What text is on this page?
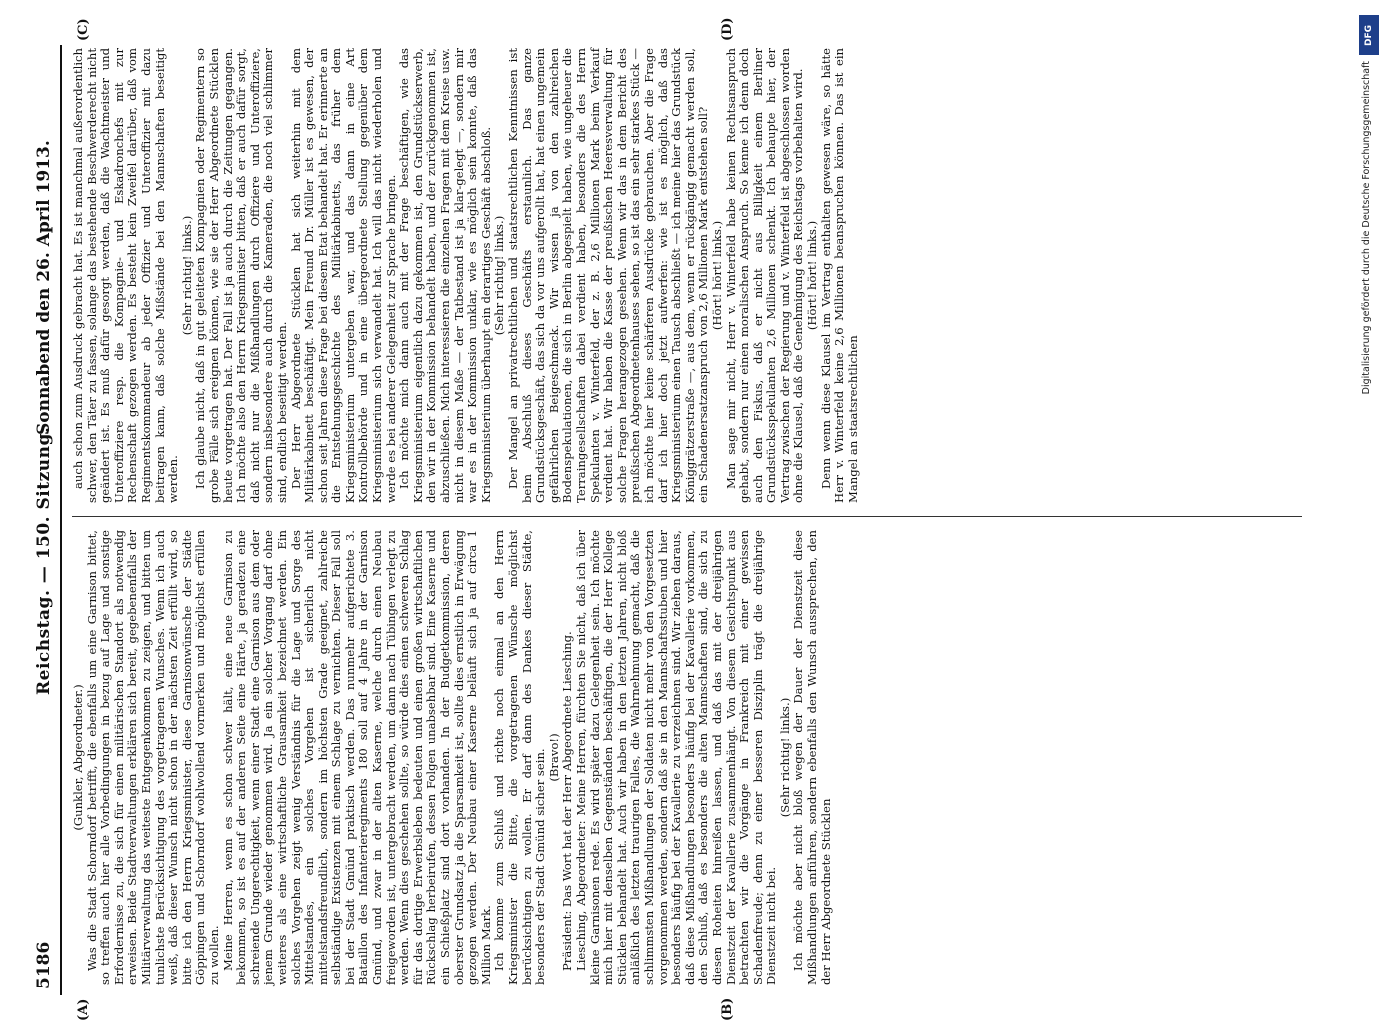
5186
Reichstag. — 150. Sitzung.
Sonnabend den 26. April 1913.

(Gunkler, Abgeordneter.) Was die Stadt Schorndorf betrifft, die ebenfalls um eine Garnison bittet, so treffen auch hier alle Vorbedingungen in bezug auf Lage und sonstige Erfordernisse zu, die sich für einen militärischen Standort als notwendig erweisen. Beide Stadtverwaltungen erklären sich bereit, gegebenenfalls der Militärverwaltung das weiteste Entgegenkommen zu zeigen, und bitten um tunlichste Berücksichtigung des vorgetragenen Wunsches. Wenn ich auch weiß, daß dieser Wunsch nicht schon in der nächsten Zeit erfüllt wird, so bitte ich den Herrn Kriegsminister, diese Garnisonwünsche der Städte Göppingen und Schorndorf wohlwollend vormerken und möglichst erfüllen zu wollen. Meine Herren, wenn es schon schwer hält, eine neue Garnison zu bekommen, so ist es auf der anderen Seite eine Härte, ja geradezu eine schreiende Ungerechtigkeit, wenn einer Stadt eine Garnison aus dem oder jenem Grunde wieder genommen wird. Ja ein solcher Vorgang darf ohne weiteres als eine wirtschaftliche Grausamkeit bezeichnet werden. Ein solches Vorgehen zeigt wenig Verständnis für die Lage und Sorge des Mittelstandes, ein solches Vorgehen ist sicherlich nicht mittelstandsfreundlich, sondern im höchsten Grade geeignet, zahlreiche selbständige Existenzen mit einem Schlage zu vernichten. Dieser Fall soll bei der Stadt Gmünd praktisch werden. Das nunmehr aufgerichtete 3. Bataillon des Infanterieregiments 180 soll auf 4 Jahre in der Garnison Gmünd, und zwar in der alten Kaserne, welche durch einen Neubau freigeworden ist, untergebracht werden, um dann nach Tübingen verlegt zu werden. Wenn dies geschehen sollte, so würde dies einen schweren Schlag für das dortige Erwerbsleben bedeuten und einen großen wirtschaftlichen Rückschlag herbeirufen, dessen Folgen unabsehbar sind. Eine Kaserne und ein Schießplatz sind dort vorhanden. In der Budgetkommission, deren oberster Grundsatz ja die Sparsamkeit ist, sollte dies ernstlich in Erwägung gezogen werden. Der Neubau einer Kaserne beläuft sich ja auf circa 1 Million Mark. Ich komme zum Schluß und richte noch einmal an den Herrn Kriegsminister die Bitte, die vorgetragenen Wünsche möglichst berücksichtigen zu wollen. Er darf dann des Dankes dieser Städte, besonders der Stadt Gmünd sicher sein. (Bravo!) Präsident: Das Wort hat der Herr Abgeordnete Liesching. Liesching, Abgeordneter: Meine Herren, fürchten Sie nicht, daß ich über kleine Garnisonen rede. Es wird später dazu Gelegenheit sein. Ich möchte mich hier mit denselben Gegenständen beschäftigen, die der Herr Kollege Stücklen behandelt hat. Auch wir haben in den letzten Jahren, nicht bloß anläßlich des letzten traurigen Falles, die Wahrnehmung gemacht, daß die schlimmsten Mißhandlungen der Soldaten nicht mehr von den Vorgesetzten vorgenommen werden, sondern daß sie in den Mannschaftsstuben und hier besonders häufig bei der Kavallerie zu verzeichnen sind. Wir ziehen daraus, daß diese Mißhandlungen besonders häufig bei der Kavallerie vorkommen, den Schluß, daß es besonders die alten Mannschaften sind, die sich zu diesen Roheiten hinreißen lassen, und daß das mit der dreijährigen Dienstzeit der Kavallerie zusammenhängt. Von diesem Gesichtspunkt aus betrachten wir die Vorgänge in Frankreich mit einer gewissen Schadenfreude; denn zu einer besseren Disziplin trägt die dreijährige Dienstzeit nicht bei.

(Sehr richtig! links.) Ich möchte aber nicht bloß wegen der Dauer der Dienstzeit diese Mißhandlungen anführen, sondern ebenfalls den Wunsch aussprechen, den der Herr Abgeordnete Stücklen

auch schon zum Ausdruck gebracht hat. Es ist manchmal außerordentlich schwer, den Täter zu fassen, solange das bestehende Beschwerderecht nicht geändert ist. Es muß dafür gesorgt werden, daß die Wachtmeister und Unteroffiziere resp. die Kompagnie- und Eskadronchefs mit zur Rechenschaft gezogen werden. Es besteht kein Zweifel darüber, daß vom Regimentskommandeur ab jeder Offizier und Unteroffizier mit dazu beitragen kann, daß solche Mißstände bei den Mannschaften beseitigt werden.

(Sehr richtig! links.) Ich glaube nicht, daß in gut geleiteten Kompagnien oder Regimentern so grobe Fälle sich ereignen können, wie sie der Herr Abgeordnete Stücklen heute vorgetragen hat. Der Fall ist ja auch durch die Zeitungen gegangen. Ich möchte also den Herrn Kriegsminister bitten, daß er auch dafür sorgt, daß nicht nur die Mißhandlungen durch Offiziere und Unteroffiziere, sondern insbesondere auch durch die Kameraden, die noch viel schlimmer sind, endlich beseitigt werden. Der Herr Abgeordnete Stücklen hat sich weiterhin mit dem Militärkabinett beschäftigt. Mein Freund Dr. Müller ist es gewesen, der schon seit Jahren diese Frage bei diesem Etat behandelt hat. Er erinnerte an die Entstehungsgeschichte des Militärkabinetts, das früher dem Kriegsministerium untergeben war, und das dann in eine Art Kontrollbehörde und in eine übergeordnete Stellung gegenüber dem Kriegsministerium sich verwandelt hat. Ich will das nicht wiederholen und werde es bei anderer Gelegenheit zur Sprache bringen. Ich möchte mich dann auch mit der Frage beschäftigen, wie das Kriegsministerium eigentlich dazu gekommen ist, den Grundstückserwerb, den wir in der Kommission behandelt haben, und der zurückgenommen ist, abzuschließen. Mich interessieren die einzelnen Fragen mit dem Kreise usw. nicht in diesem Maße — der Tatbestand ist ja klar-gelegt —, sondern mir war es in der Kommission unklar, wie es möglich sein konnte, daß das Kriegsministerium überhaupt ein derartiges Geschäft abschloß. (Sehr richtig! links.) Der Mangel an privatrechtlichen und staatsrechtlichen Kenntnissen ist beim Abschluß dieses Geschäfts erstaunlich. Das ganze Grundstücksgeschäft, das sich da vor uns aufgerollt hat, hat einen ungemein gefährlichen Beigeschmack. Wir wissen ja von den zahlreichen Bodenspekulationen, die sich in Berlin abgespielt haben, wie ungeheuer die Terraingesellschaften dabei verdient haben, besonders die des Herrn Spekulanten v. Winterfeld, der z. B. 2,6 Millionen Mark beim Verkauf verdient hat. Wir haben die Kasse der preußischen Heeresverwaltung für solche Fragen herangezogen gesehen. Wenn wir das in dem Bericht des preußischen Abgeordnetenhauses sehen, so ist das ein sehr starkes Stück — ich möchte hier keine schärferen Ausdrücke gebrauchen. Aber die Frage darf ich hier doch jetzt aufwerfen: wie ist es möglich, daß das Kriegsministerium einen Tausch abschließt — ich meine hier das Grundstück Königgrätzerstraße —, aus dem, wenn er rückgängig gemacht werden soll, ein Schadenersatzanspruch von 2,6 Millionen Mark entstehen soll? (Hört! hört! links.) Man sage mir nicht, Herr v. Winterfeld habe keinen Rechtsanspruch gehabt, sondern nur einen moralischen Anspruch. So kenne ich denn doch auch den Fiskus, daß er nicht aus Billigkeit einem Berliner Grundstücksspekulanten 2,6 Millionen schenkt. Ich behaupte hier, der Vertrag zwischen der Regierung und v. Winterfeld ist abgeschlossen worden ohne die Klausel, daß die Genehmigung des Reichstags vorbehalten wird. (Hört! hört! links.) Denn wenn diese Klausel im Vertrag enthalten gewesen wäre, so hätte Herr v. Winterfeld keine 2,6 Millionen beanspruchen können. Das ist ein Mangel an staatsrechtlichen

(A)	(B)
(C)	(D)	DFG
Digitalisierung gefördert durch die Deutsche Forschungsgemeinschaft
